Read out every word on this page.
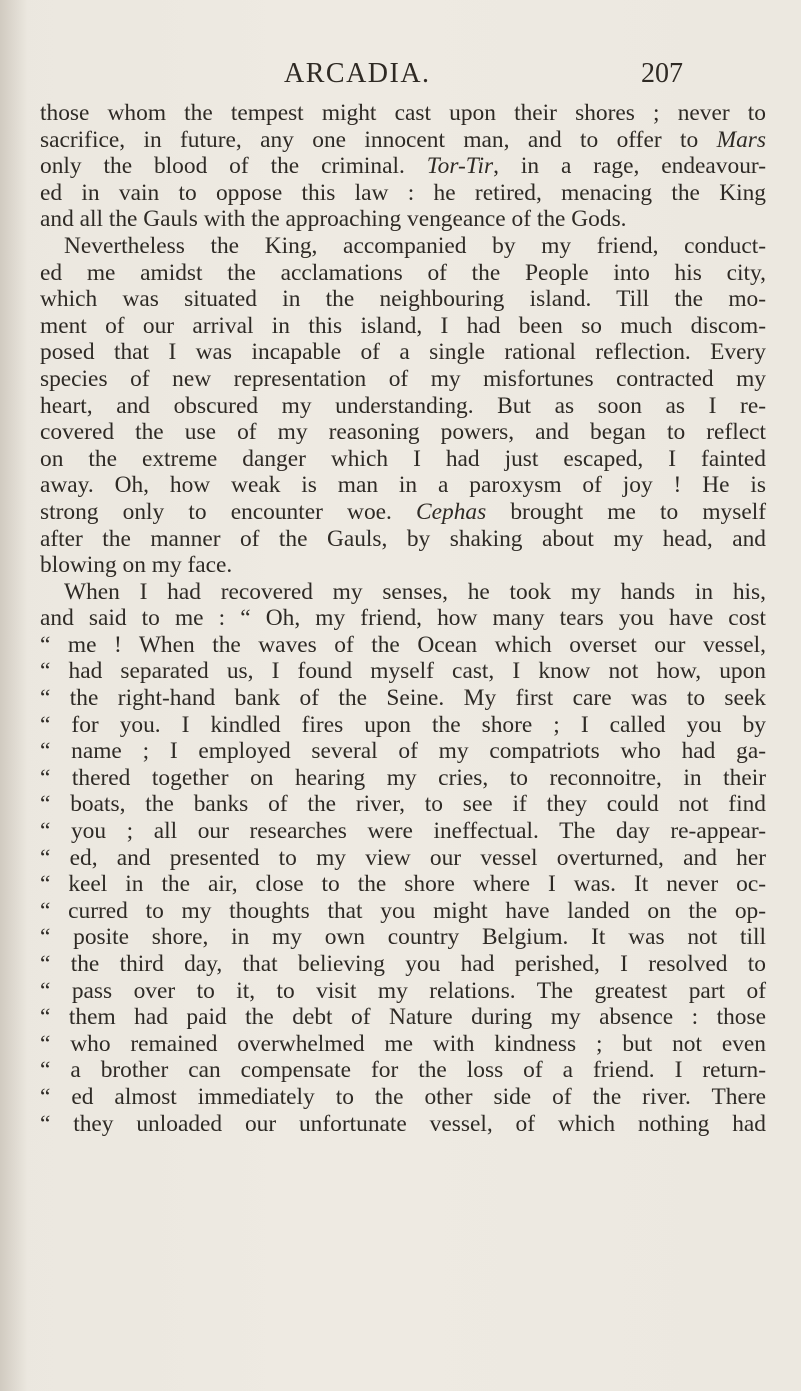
ARCADIA.	207
those whom the tempest might cast upon their shores ; never to
sacrifice, in future, any one innocent man, and to offer to Mars
only the blood of the criminal. Tor-Tir, in a rage, endeavour-
ed in vain to oppose this law : he retired, menacing the King
and all the Gauls with the approaching vengeance of the Gods.
Nevertheless the King, accompanied by my friend, conduct-
ed me amidst the acclamations of the People into his city,
which was situated in the neighbouring island. Till the mo-
ment of our arrival in this island, I had been so much discom-
posed that I was incapable of a single rational reflection. Every
species of new representation of my misfortunes contracted my
heart, and obscured my understanding. But as soon as I re-
covered the use of my reasoning powers, and began to reflect
on the extreme danger which I had just escaped, I fainted
away. Oh, how weak is man in a paroxysm of joy ! He is
strong only to encounter woe. Cephas brought me to myself
after the manner of the Gauls, by shaking about my head, and
blowing on my face.
When I had recovered my senses, he took my hands in his,
and said to me : “ Oh, my friend, how many tears you have cost
“ me ! When the waves of the Ocean which overset our vessel,
“ had separated us, I found myself cast, I know not how, upon
“ the right-hand bank of the Seine. My first care was to seek
“ for you. I kindled fires upon the shore ; I called you by
“ name ; I employed several of my compatriots who had ga-
“ thered together on hearing my cries, to reconnoitre, in their
“ boats, the banks of the river, to see if they could not find
“ you ; all our researches were ineffectual. The day re-appear-
“ ed, and presented to my view our vessel overturned, and her
“ keel in the air, close to the shore where I was. It never oc-
“ curred to my thoughts that you might have landed on the op-
“ posite shore, in my own country Belgium. It was not till
“ the third day, that believing you had perished, I resolved to
“ pass over to it, to visit my relations. The greatest part of
“ them had paid the debt of Nature during my absence : those
“ who remained overwhelmed me with kindness ; but not even
“ a brother can compensate for the loss of a friend. I return-
“ ed almost immediately to the other side of the river. There
“ they unloaded our unfortunate vessel, of which nothing had
